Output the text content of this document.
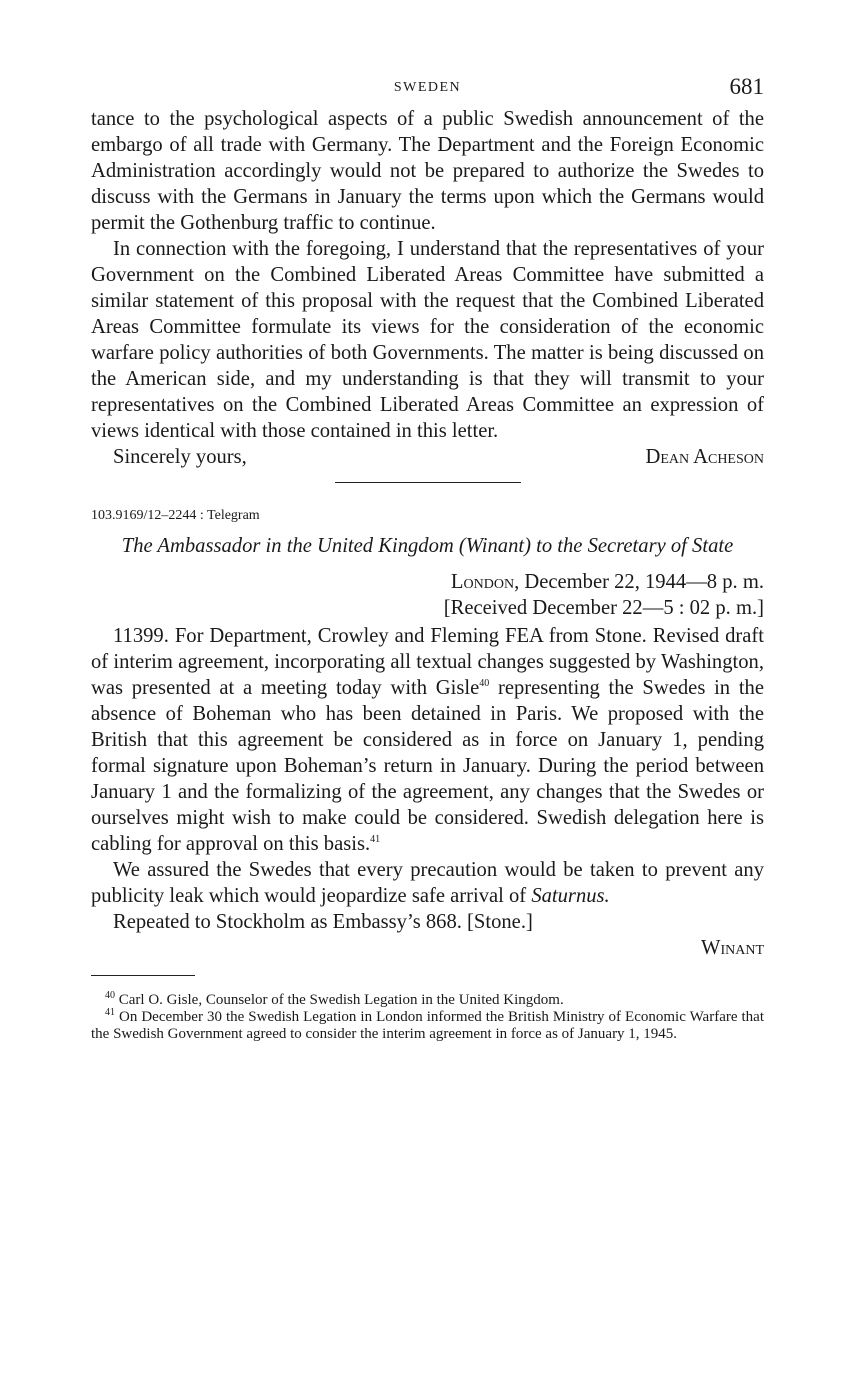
SWEDEN	681

tance to the psychological aspects of a public Swedish announcement of the embargo of all trade with Germany. The Department and the Foreign Economic Administration accordingly would not be prepared to authorize the Swedes to discuss with the Germans in January the terms upon which the Germans would permit the Gothenburg traffic to continue.

In connection with the foregoing, I understand that the representatives of your Government on the Combined Liberated Areas Committee have submitted a similar statement of this proposal with the request that the Combined Liberated Areas Committee formulate its views for the consideration of the economic warfare policy authorities of both Governments. The matter is being discussed on the American side, and my understanding is that they will transmit to your representatives on the Combined Liberated Areas Committee an expression of views identical with those contained in this letter.

Sincerely yours,	Dean Acheson
103.9169/12–2244 : Telegram
The Ambassador in the United Kingdom (Winant) to the Secretary of State
London, December 22, 1944—8 p. m.
[Received December 22—5 : 02 p. m.]

11399. For Department, Crowley and Fleming FEA from Stone. Revised draft of interim agreement, incorporating all textual changes suggested by Washington, was presented at a meeting today with Gisle$^{40}$ representing the Swedes in the absence of Boheman who has been detained in Paris. We proposed with the British that this agreement be considered as in force on January 1, pending formal signature upon Boheman’s return in January. During the period between January 1 and the formalizing of the agreement, any changes that the Swedes or ourselves might wish to make could be considered. Swedish delegation here is cabling for approval on this basis.$^{41}$

We assured the Swedes that every precaution would be taken to prevent any publicity leak which would jeopardize safe arrival of Saturnus.

Repeated to Stockholm as Embassy’s 868. [Stone.]

Winant

$^{40}$ Carl O. Gisle, Counselor of the Swedish Legation in the United Kingdom.

$^{41}$ On December 30 the Swedish Legation in London informed the British Ministry of Economic Warfare that the Swedish Government agreed to consider the interim agreement in force as of January 1, 1945.
